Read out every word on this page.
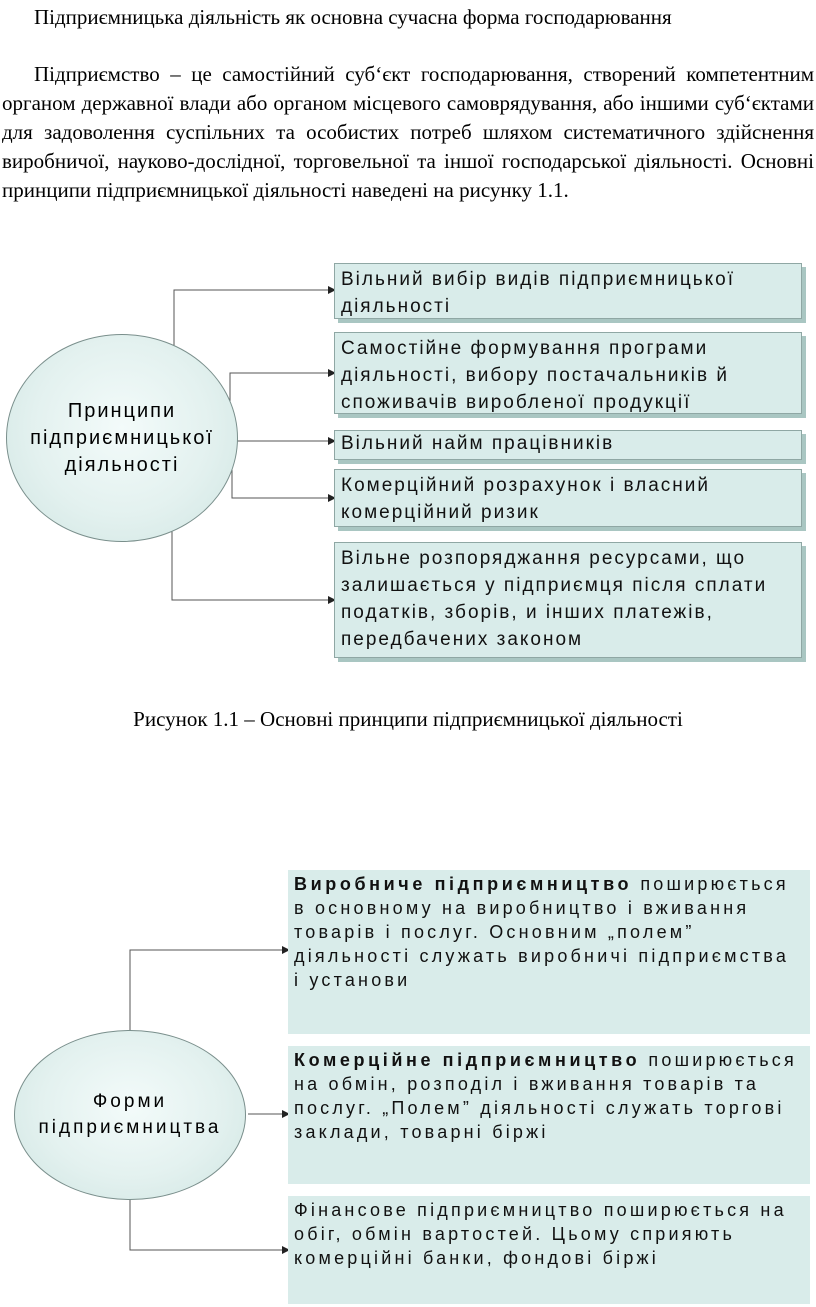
Підприємницька діяльність як основна сучасна форма господарювання

Підприємство – це самостійний суб‘єкт господарювання, створений компетентним органом державної влади або органом місцевого самоврядування, або іншими суб‘єктами для задоволення суспільних та особистих потреб шляхом систематичного здійснення виробничої, науково-дослідної, торговельної та іншої господарської діяльності. Основні принципи підприємницької діяльності наведені на рисунку 1.1.

Принципи
підприємницької
діяльності
Вільний вибір видів підприємницької діяльності
Самостійне формування програми діяльності, вибору постачальників й споживачів виробленої продукції
Вільний найм працівників
Комерційний розрахунок і власний комерційний ризик
Вільне розпоряджання ресурсами, що залишається у підприємця після сплати податків, зборів, и інших платежів, передбачених законом
Рисунок 1.1 – Основні принципи підприємницької діяльності
Форми
підприємництва
Виробниче підприємництво поширюється в основному на виробництво і вживання товарів і послуг. Основним „полем” діяльності служать виробничі підприємства і установи
Комерційне підприємництво поширюється на обмін, розподіл і вживання товарів та послуг. „Полем” діяльності служать торгові заклади, товарні біржі
Фінансове підприємництво поширюється на обіг, обмін вартостей. Цьому сприяють комерційні банки, фондові біржі
